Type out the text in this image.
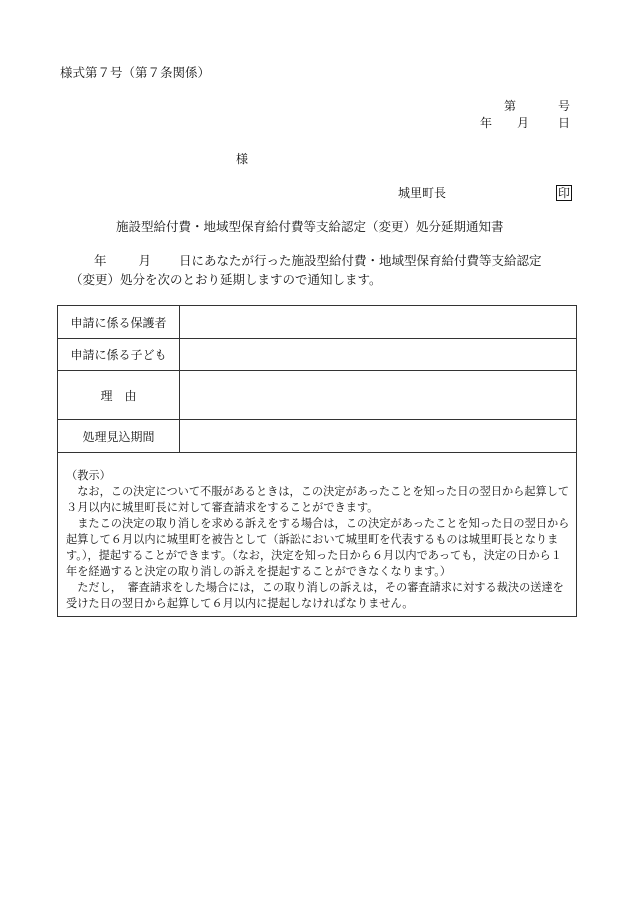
様式第７号（第７条関係）
第	号
年 月 日
様
城里町長	印
施設型給付費・地域型保育給付費等支給認定（変更）処分延期通知書

年	月 日にあなたが行った施設型給付費・地域型保育給付費等支給認定

（変更）処分を次のとおり延期しますので通知します。

申請に係る保護者	
申請に係る子ども	
理　由	
処理見込期間	

（教示）

　なお，この決定について不服があるときは，この決定があったことを知った日の翌日から起算して３月以内に城里町長に対して審査請求をすることができます。

　またこの決定の取り消しを求める訴えをする場合は，この決定があったことを知った日の翌日から起算して６月以内に城里町を被告として（訴訟において城里町を代表するものは城里町長となります。），提起することができます。（なお，決定を知った日から６月以内であっても，決定の日から１年を経過すると決定の取り消しの訴えを提起することができなくなります。）

　ただし，　審査請求をした場合には，この取り消しの訴えは，その審査請求に対する裁決の送達を受けた日の翌日から起算して６月以内に提起しなければなりません。
